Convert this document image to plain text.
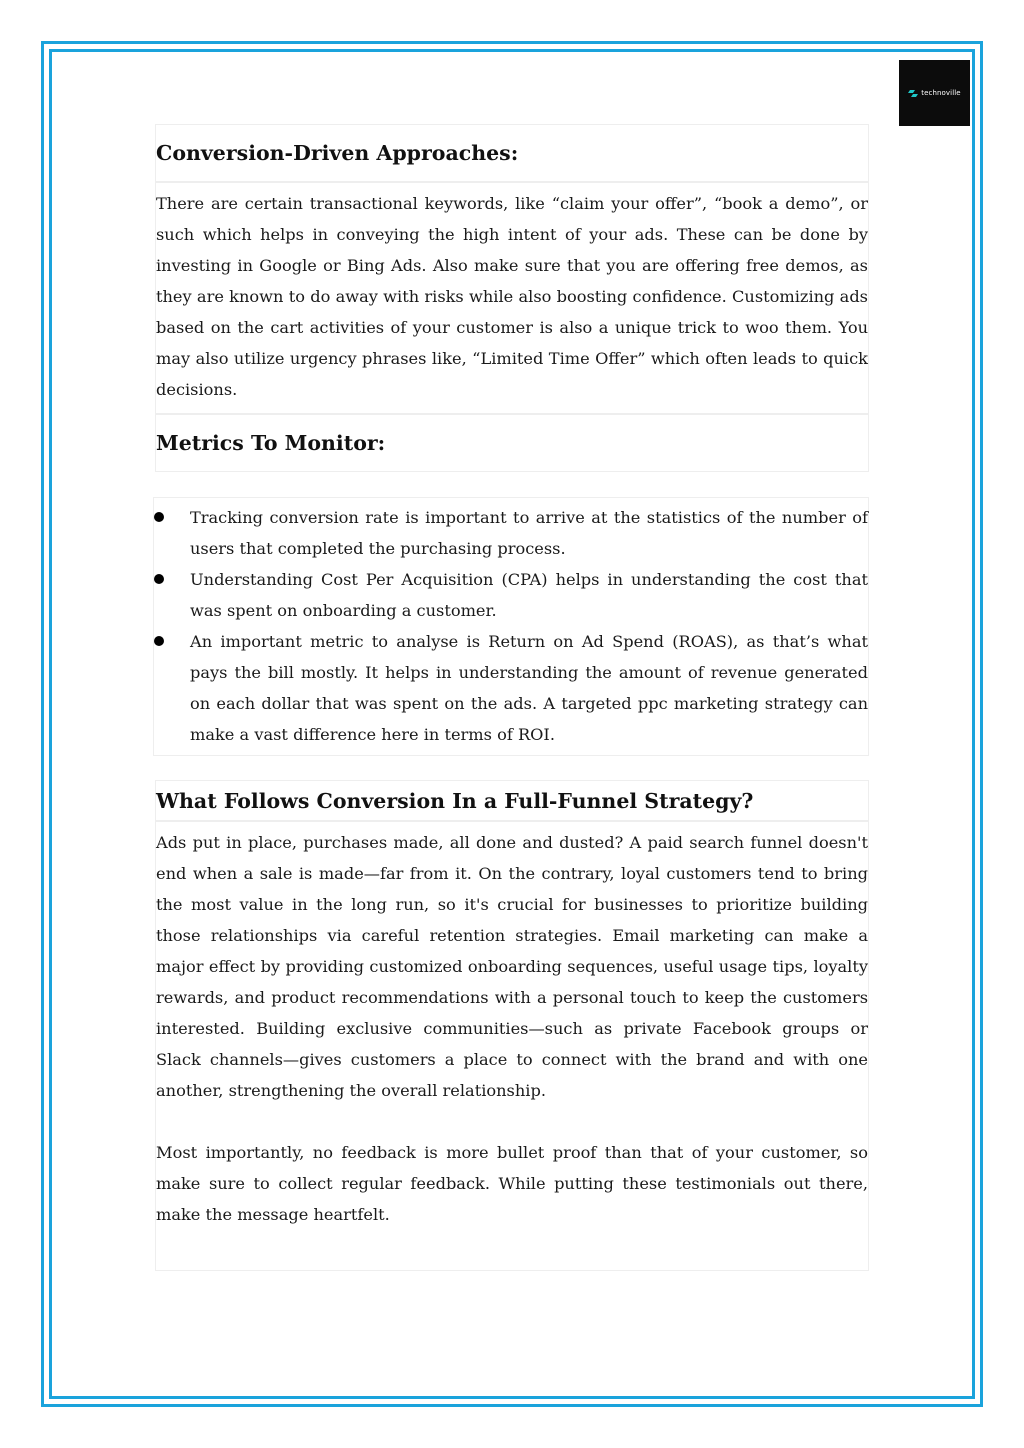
technoville
Conversion-Driven Approaches:

There are certain transactional keywords, like “claim your offer”, “book a demo”, or such which helps in conveying the high intent of your ads. These can be done by investing in Google or Bing Ads. Also make sure that you are offering free demos, as they are known to do away with risks while also boosting confidence. Customizing ads based on the cart activities of your customer is also a unique trick to woo them. You may also utilize urgency phrases like, “Limited Time Offer” which often leads to quick decisions.

Metrics To Monitor:
Tracking conversion rate is important to arrive at the statistics of the number of users that completed the purchasing process.
Understanding Cost Per Acquisition (CPA) helps in understanding the cost that was spent on onboarding a customer.
An important metric to analyse is Return on Ad Spend (ROAS), as that’s what pays the bill mostly. It helps in understanding the amount of revenue generated on each dollar that was spent on the ads. A targeted ppc marketing strategy can make a vast difference here in terms of ROI.
What Follows Conversion In a Full-Funnel Strategy?

Ads put in place, purchases made, all done and dusted? A paid search funnel doesn't end when a sale is made—far from it. On the contrary, loyal customers tend to bring the most value in the long run, so it's crucial for businesses to prioritize building those relationships via careful retention strategies. Email marketing can make a major effect by providing customized onboarding sequences, useful usage tips, loyalty rewards, and product recommendations with a personal touch to keep the customers interested. Building exclusive communities—such as private Facebook groups or Slack channels—gives customers a place to connect with the brand and with one another, strengthening the overall relationship.

Most importantly, no feedback is more bullet proof than that of your customer, so make sure to collect regular feedback. While putting these testimonials out there, make the message heartfelt.
